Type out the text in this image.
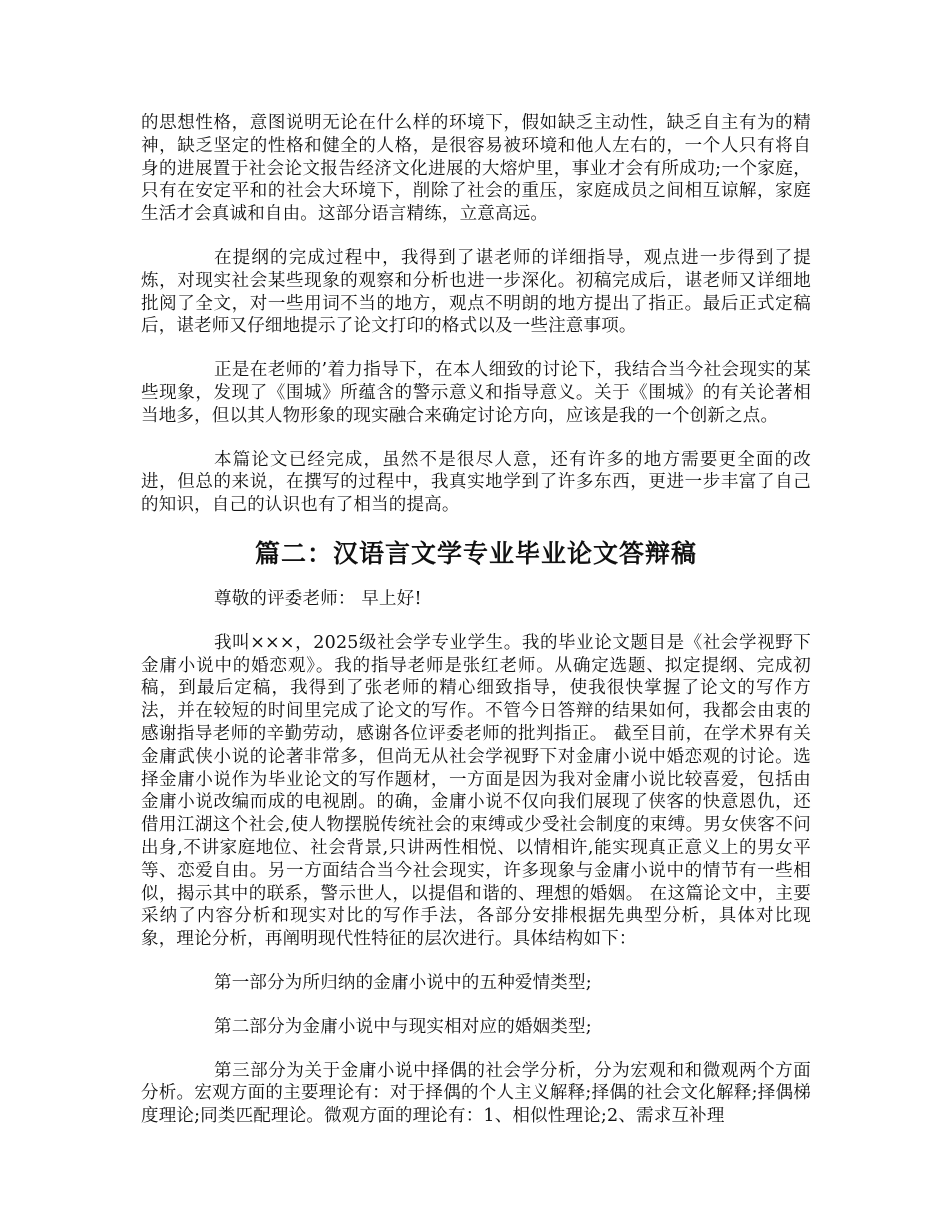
的思想性格，意图说明无论在什么样的环境下，假如缺乏主动性，缺乏自主有为的精神，缺乏坚定的性格和健全的人格，是很容易被环境和他人左右的，一个人只有将自身的进展置于社会论文报告经济文化进展的大熔炉里，事业才会有所成功;一个家庭，只有在安定平和的社会大环境下，削除了社会的重压，家庭成员之间相互谅解，家庭生活才会真诚和自由。这部分语言精练，立意高远。

在提纲的完成过程中，我得到了谌老师的详细指导，观点进一步得到了提炼，对现实社会某些现象的观察和分析也进一步深化。初稿完成后，谌老师又详细地批阅了全文，对一些用词不当的地方，观点不明朗的地方提出了指正。最后正式定稿后，谌老师又仔细地提示了论文打印的格式以及一些注意事项。

正是在老师的’着力指导下，在本人细致的讨论下，我结合当今社会现实的某些现象，发现了《围城》所蕴含的警示意义和指导意义。关于《围城》的有关论著相当地多，但以其人物形象的现实融合来确定讨论方向，应该是我的一个创新之点。

本篇论文已经完成，虽然不是很尽人意，还有许多的地方需要更全面的改进，但总的来说，在撰写的过程中，我真实地学到了许多东西，更进一步丰富了自己的知识，自己的认识也有了相当的提高。

篇二：汉语言文学专业毕业论文答辩稿

尊敬的评委老师： 早上好!

我叫×××，2025级社会学专业学生。我的毕业论文题目是《社会学视野下金庸小说中的婚恋观》。我的指导老师是张红老师。从确定选题、拟定提纲、完成初稿，到最后定稿，我得到了张老师的精心细致指导，使我很快掌握了论文的写作方法，并在较短的时间里完成了论文的写作。不管今日答辩的结果如何，我都会由衷的感谢指导老师的辛勤劳动，感谢各位评委老师的批判指正。 截至目前，在学术界有关金庸武侠小说的论著非常多，但尚无从社会学视野下对金庸小说中婚恋观的讨论。选择金庸小说作为毕业论文的写作题材，一方面是因为我对金庸小说比较喜爱，包括由金庸小说改编而成的电视剧。的确，金庸小说不仅向我们展现了侠客的快意恩仇，还借用江湖这个社会,使人物摆脱传统社会的束缚或少受社会制度的束缚。男女侠客不问出身,不讲家庭地位、社会背景,只讲两性相悦、以情相许,能实现真正意义上的男女平等、恋爱自由。另一方面结合当今社会现实，许多现象与金庸小说中的情节有一些相似，揭示其中的联系，警示世人，以提倡和谐的、理想的婚姻。 在这篇论文中，主要采纳了内容分析和现实对比的写作手法，各部分安排根据先典型分析，具体对比现象，理论分析，再阐明现代性特征的层次进行。具体结构如下：

第一部分为所归纳的金庸小说中的五种爱情类型;

第二部分为金庸小说中与现实相对应的婚姻类型;

第三部分为关于金庸小说中择偶的社会学分析，分为宏观和和微观两个方面分析。宏观方面的主要理论有：对于择偶的个人主义解释;择偶的社会文化解释;择偶梯度理论;同类匹配理论。微观方面的理论有：1、相似性理论;2、需求互补理
